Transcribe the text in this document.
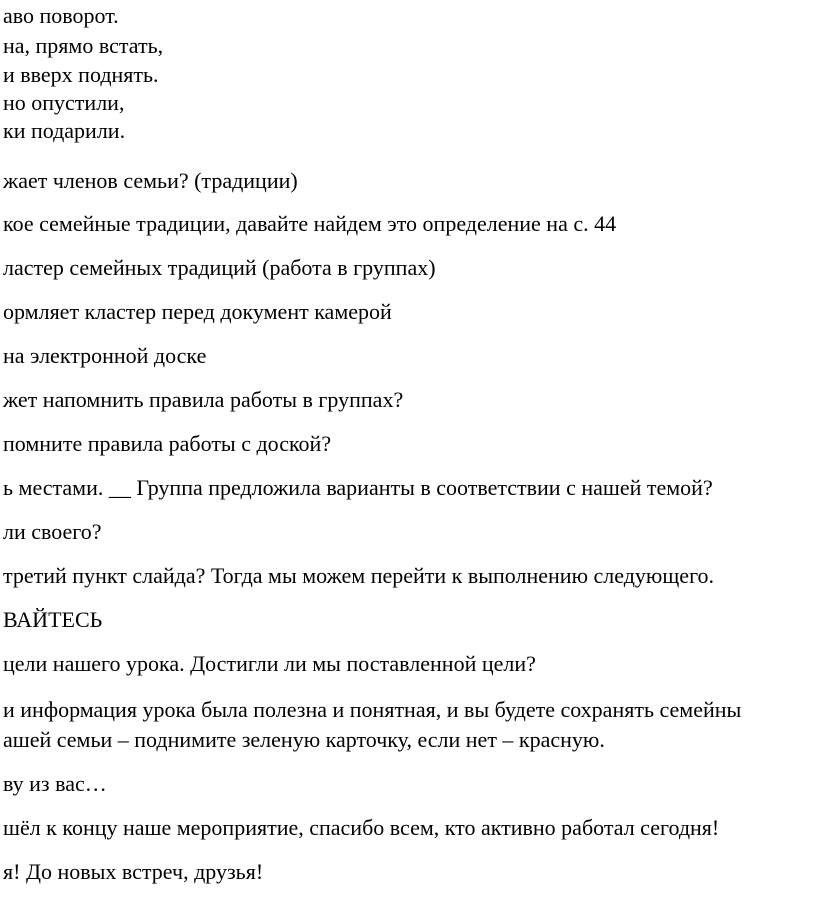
аво поворот.
на, прямо встать,
и вверх поднять.
но опустили,
ки подарили.
жает членов семьи? (традиции)
кое семейные традиции, давайте найдем это определение на с. 44
ластер семейных традиций (работа в группах)
ормляет кластер перед документ камерой
на электронной доске
жет напомнить правила работы в группах?
помните правила работы с доской?
ь местами. __ Группа предложила варианты в соответствии с нашей темой?
ли своего?
третий пункт слайда? Тогда мы можем перейти к выполнению следующего.
ВАЙТЕСЬ
цели нашего урока. Достигли ли мы поставленной цели?
и информация урока была полезна и понятная, и вы будете сохранять семейны
ашей семьи – поднимите зеленую карточку, если нет – красную.
ву из вас…
шёл к концу наше мероприятие, спасибо всем, кто активно работал сегодня!
я! До новых встреч, друзья!
